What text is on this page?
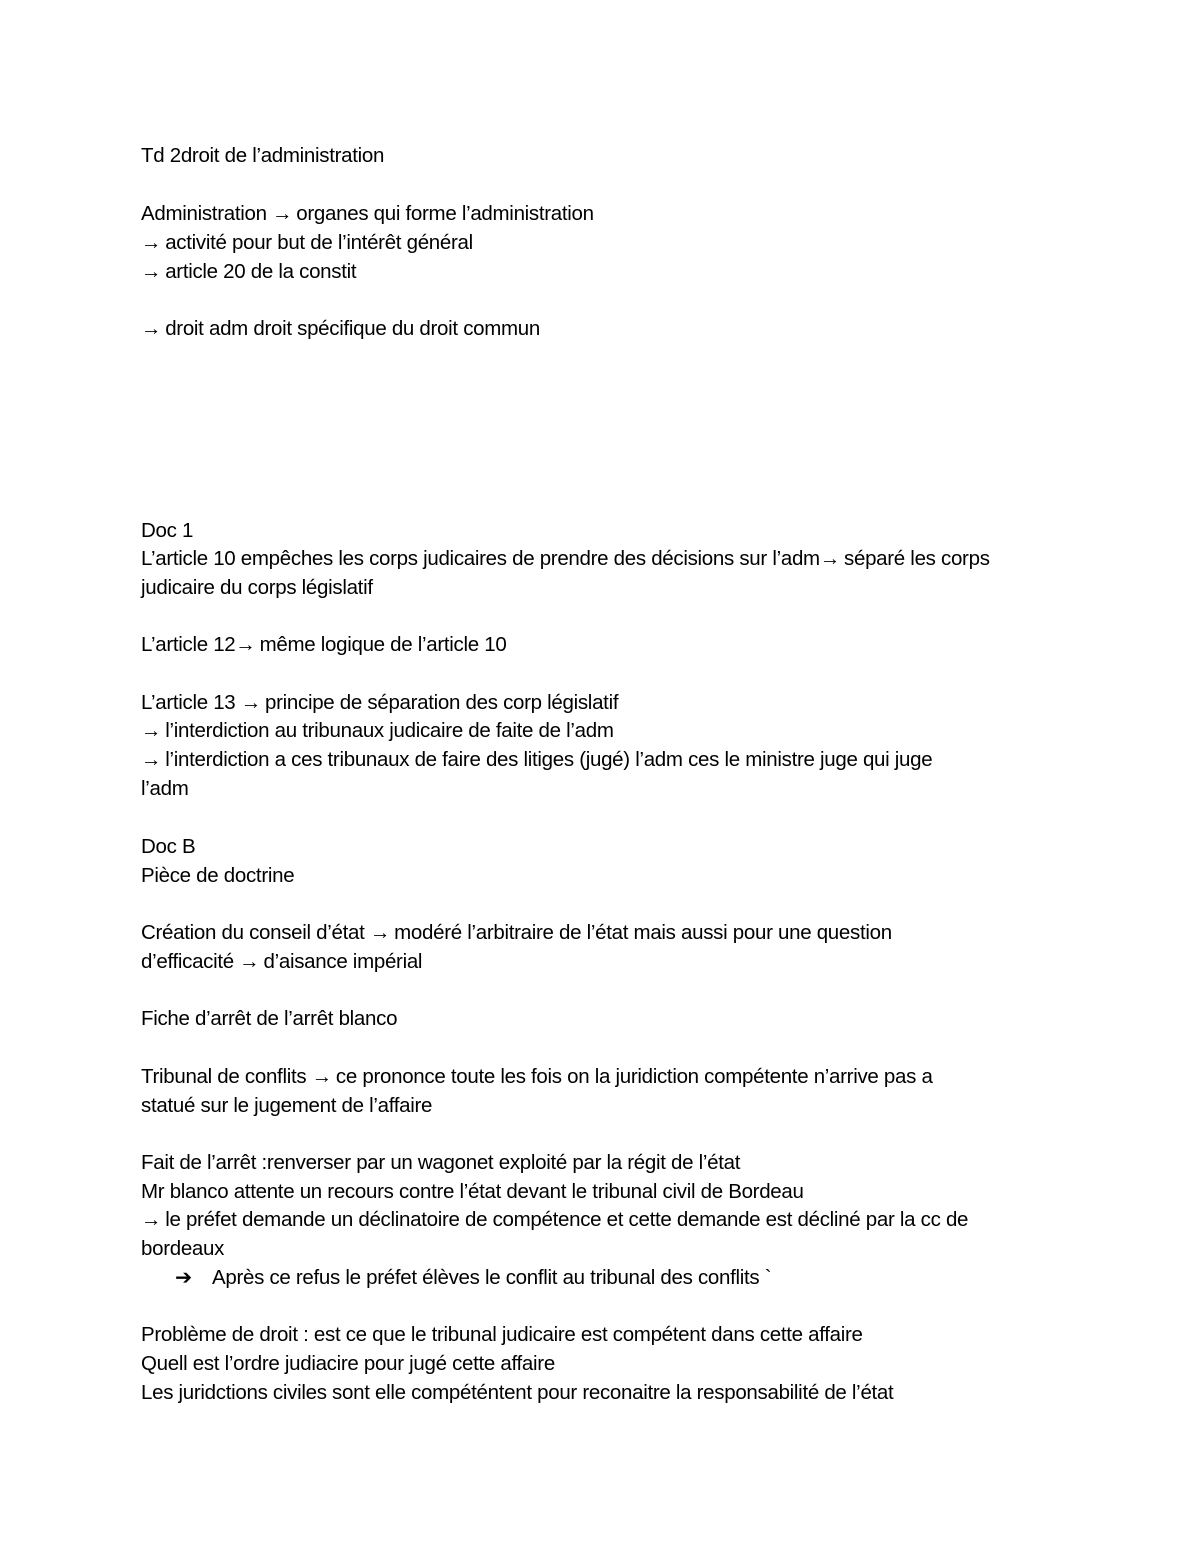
Td 2droit de l’administration

Administration → organes qui forme l’administration

→ activité pour but de l’intérêt général

→ article 20 de la constit

→ droit adm droit spécifique du droit commun

Doc 1

L’article 10 empêches les corps judicaires de prendre des décisions sur l’adm→ séparé les corps

judicaire du corps législatif

L’article 12→ même logique de l’article 10

L’article 13 → principe de séparation des corp législatif

→ l’interdiction au tribunaux judicaire de faite de l’adm

→ l’interdiction a ces tribunaux de faire des litiges (jugé) l’adm ces le ministre juge qui juge

l’adm

Doc B

Pièce de doctrine

Création du conseil d’état → modéré l’arbitraire de l’état mais aussi pour une question

d’efficacité → d’aisance impérial

Fiche d’arrêt de l’arrêt blanco

Tribunal de conflits → ce prononce toute les fois on la juridiction compétente n’arrive pas a

statué sur le jugement de l’affaire

Fait de l’arrêt :renverser par un wagonet exploité par la régit de l’état

Mr blanco attente un recours contre l’état devant le tribunal civil de Bordeau

→ le préfet demande un déclinatoire de compétence et cette demande est décliné par la cc de

bordeaux

➔ Après ce refus le préfet élèves le conflit au tribunal des conflits `

Problème de droit : est ce que le tribunal judicaire est compétent dans cette affaire

Quell est l’ordre judiacire pour jugé cette affaire

Les juridctions civiles sont elle compéténtent pour reconaitre la responsabilité de l’état
